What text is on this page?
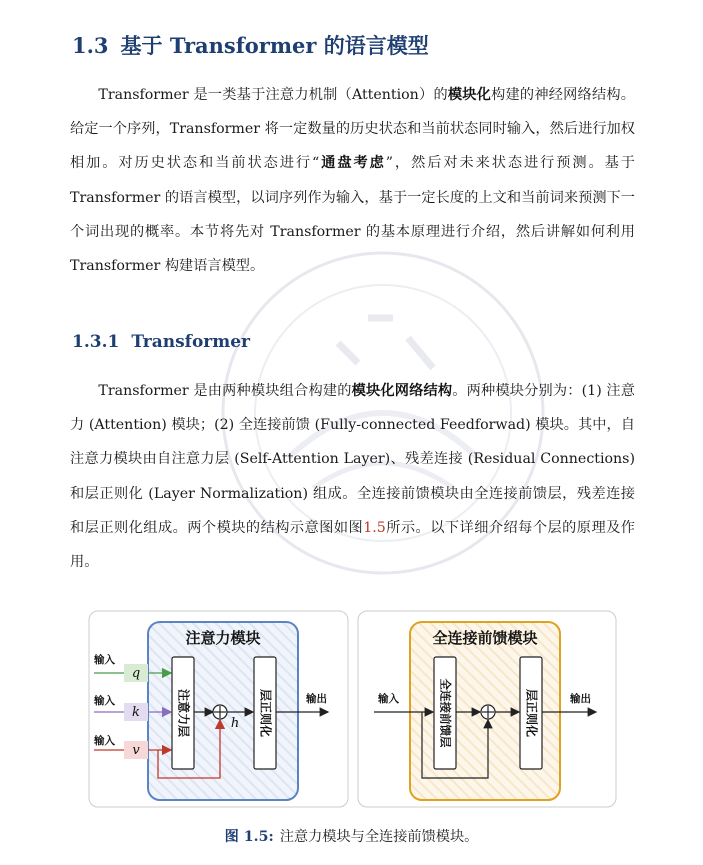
1.3 基于 Transformer 的语言模型
Transformer 是一类基于注意力机制（Attention）的模块化构建的神经网络结构。给定一个序列，Transformer 将一定数量的历史状态和当前状态同时输入，然后进行加权相加。对历史状态和当前状态进行“通盘考虑”，然后对未来状态进行预测。基于 Transformer 的语言模型，以词序列作为输入，基于一定长度的上文和当前词来预测下一个词出现的概率。本节将先对 Transformer 的基本原理进行介绍，然后讲解如何利用 Transformer 构建语言模型。
1.3.1 Transformer
Transformer 是由两种模块组合构建的模块化网络结构。两种模块分别为：(1) 注意力 (Attention) 模块；(2) 全连接前馈 (Fully-connected Feedforwad) 模块。其中，自注意力模块由自注意力层 (Self-Attention Layer)、残差连接 (Residual Connections) 和层正则化 (Layer Normalization) 组成。全连接前馈模块由全连接前馈层，残差连接和层正则化组成。两个模块的结构示意图如图1.5所示。以下详细介绍每个层的原理及作用。
注意力模块
输入
q
输入
k
输入
v
注意力层	h 层正则化	输出
全连接前馈模块
输入	全连接前馈层	层正则化	输出
图 1.5: 注意力模块与全连接前馈模块。
